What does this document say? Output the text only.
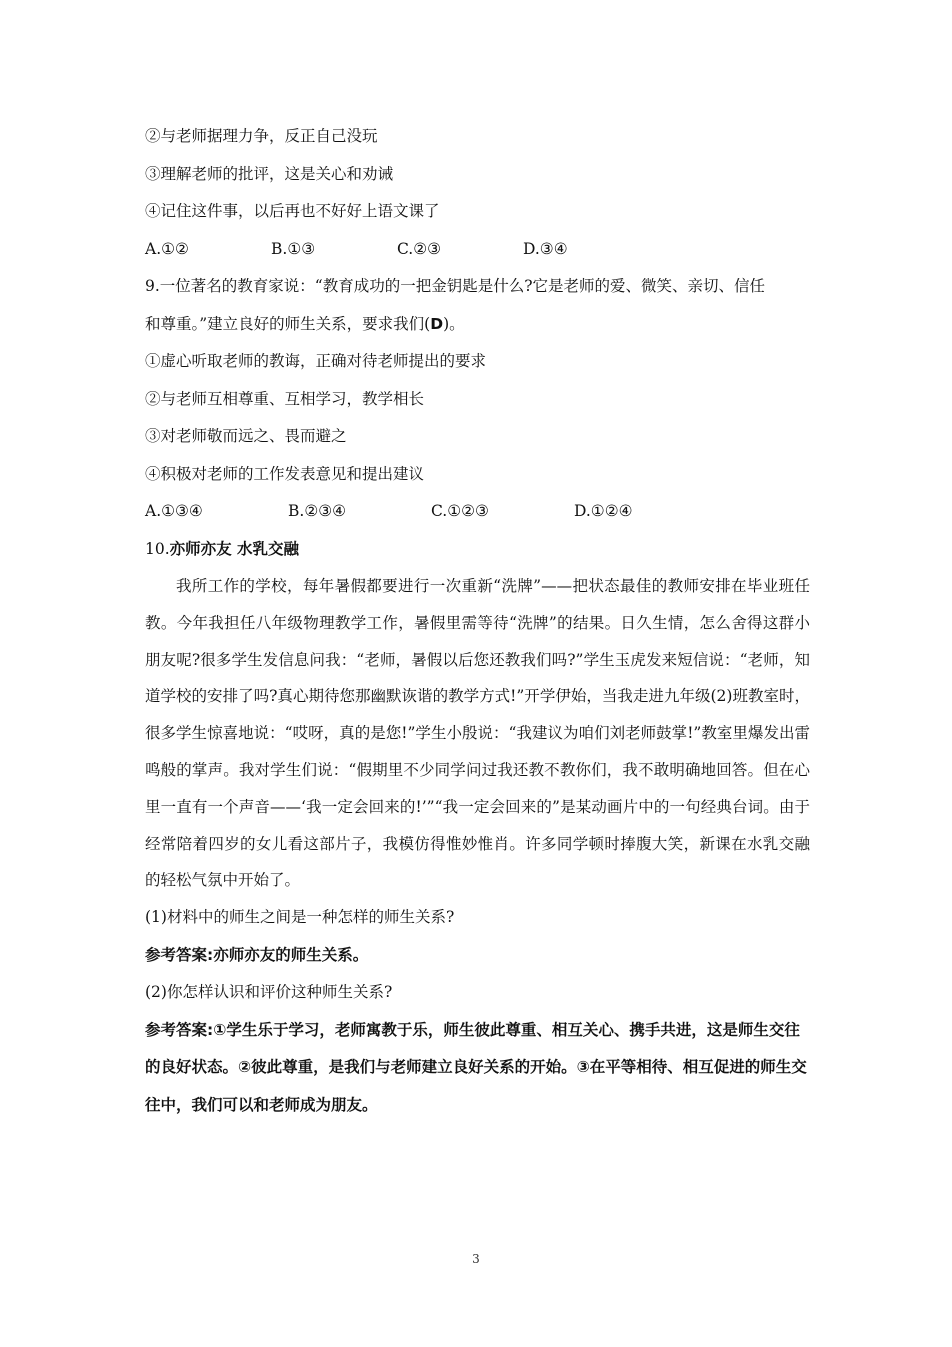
②与老师据理力争，反正自己没玩
③理解老师的批评，这是关心和劝诫
④记住这件事，以后再也不好好上语文课了
A.①②	B.①③	C.②③	D.③④
9.一位著名的教育家说：“教育成功的一把金钥匙是什么?它是老师的爱、微笑、亲切、信任
和尊重。”建立良好的师生关系，要求我们(D)。
①虚心听取老师的教诲，正确对待老师提出的要求
②与老师互相尊重、互相学习，教学相长
③对老师敬而远之、畏而避之
④积极对老师的工作发表意见和提出建议
A.①③④	B.②③④	C.①②③	D.①②④
10.亦师亦友 水乳交融

我所工作的学校，每年暑假都要进行一次重新“洗牌”——把状态最佳的教师安排在毕业班任教。今年我担任八年级物理教学工作，暑假里需等待“洗牌”的结果。日久生情，怎么舍得这群小朋友呢?很多学生发信息问我：“老师，暑假以后您还教我们吗?”学生玉虎发来短信说：“老师，知道学校的安排了吗?真心期待您那幽默诙谐的教学方式!”开学伊始，当我走进九年级(2)班教室时，很多学生惊喜地说：“哎呀，真的是您!”学生小殷说：“我建议为咱们刘老师鼓掌!”教室里爆发出雷鸣般的掌声。我对学生们说：“假期里不少同学问过我还教不教你们，我不敢明确地回答。但在心里一直有一个声音——‘我一定会回来的!’”“我一定会回来的”是某动画片中的一句经典台词。由于经常陪着四岁的女儿看这部片子，我模仿得惟妙惟肖。许多同学顿时捧腹大笑，新课在水乳交融的轻松气氛中开始了。

(1)材料中的师生之间是一种怎样的师生关系?
参考答案:亦师亦友的师生关系。
(2)你怎样认识和评价这种师生关系?

参考答案:①学生乐于学习，老师寓教于乐，师生彼此尊重、相互关心、携手共进，这是师生交往的良好状态。②彼此尊重，是我们与老师建立良好关系的开始。③在平等相待、相互促进的师生交往中，我们可以和老师成为朋友。

3
